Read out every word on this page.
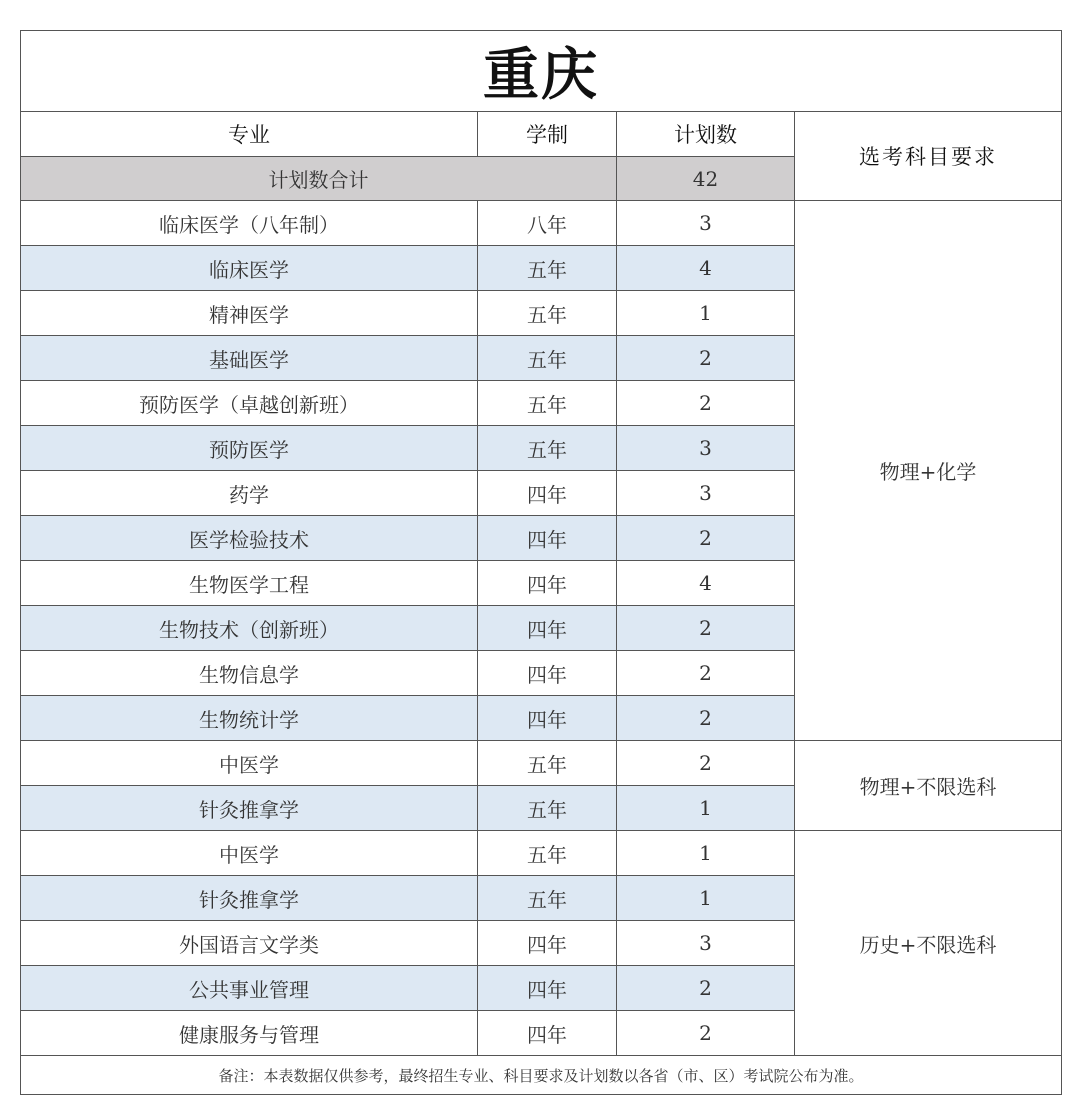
重庆			
专业	学制	计划数	选考科目要求
计划数合计		42	
临床医学（八年制）	八年	3	物理+化学
临床医学	五年	4	
精神医学	五年	1	
基础医学	五年	2	
预防医学（卓越创新班）	五年	2	
预防医学	五年	3	
药学	四年	3	
医学检验技术	四年	2	
生物医学工程	四年	4	
生物技术（创新班）	四年	2	
生物信息学	四年	2	
生物统计学	四年	2	
中医学	五年	2	物理+不限选科
针灸推拿学	五年	1	
中医学	五年	1	历史+不限选科
针灸推拿学	五年	1	
外国语言文学类	四年	3	
公共事业管理	四年	2	
健康服务与管理	四年	2	
备注：本表数据仅供参考，最终招生专业、科目要求及计划数以各省（市、区）考试院公布为准。			
